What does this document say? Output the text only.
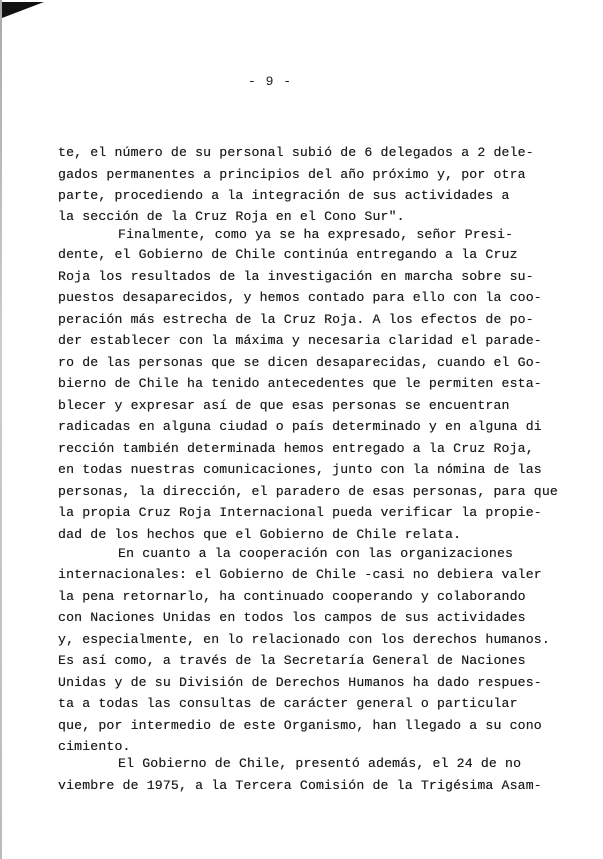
- 9 -
te, el número de su personal subió de 6 delegados a 2 dele-
gados permanentes a principios del año próximo y, por otra
parte, procediendo a la integración de sus actividades a
la sección de la Cruz Roja en el Cono Sur".
Finalmente, como ya se ha expresado, señor Presi-
dente, el Gobierno de Chile continúa entregando a la Cruz
Roja los resultados de la investigación en marcha sobre su-
puestos desaparecidos, y hemos contado para ello con la coo-
peración más estrecha de la Cruz Roja. A los efectos de po-
der establecer con la máxima y necesaria claridad el parade-
ro de las personas que se dicen desaparecidas, cuando el Go-
bierno de Chile ha tenido antecedentes que le permiten esta-
blecer y expresar así de que esas personas se encuentran
radicadas en alguna ciudad o país determinado y en alguna di
rección también determinada hemos entregado a la Cruz Roja,
en todas nuestras comunicaciones, junto con la nómina de las
personas, la dirección, el paradero de esas personas, para que
la propia Cruz Roja Internacional pueda verificar la propie-
dad de los hechos que el Gobierno de Chile relata.
En cuanto a la cooperación con las organizaciones
internacionales: el Gobierno de Chile -casi no debiera valer
la pena retornarlo, ha continuado cooperando y colaborando
con Naciones Unidas en todos los campos de sus actividades
y, especialmente, en lo relacionado con los derechos humanos.
Es así como, a través de la Secretaría General de Naciones
Unidas y de su División de Derechos Humanos ha dado respues-
ta a todas las consultas de carácter general o particular
que, por intermedio de este Organismo, han llegado a su cono
cimiento.
El Gobierno de Chile, presentó además, el 24 de no
viembre de 1975, a la Tercera Comisión de la Trigésima Asam-
